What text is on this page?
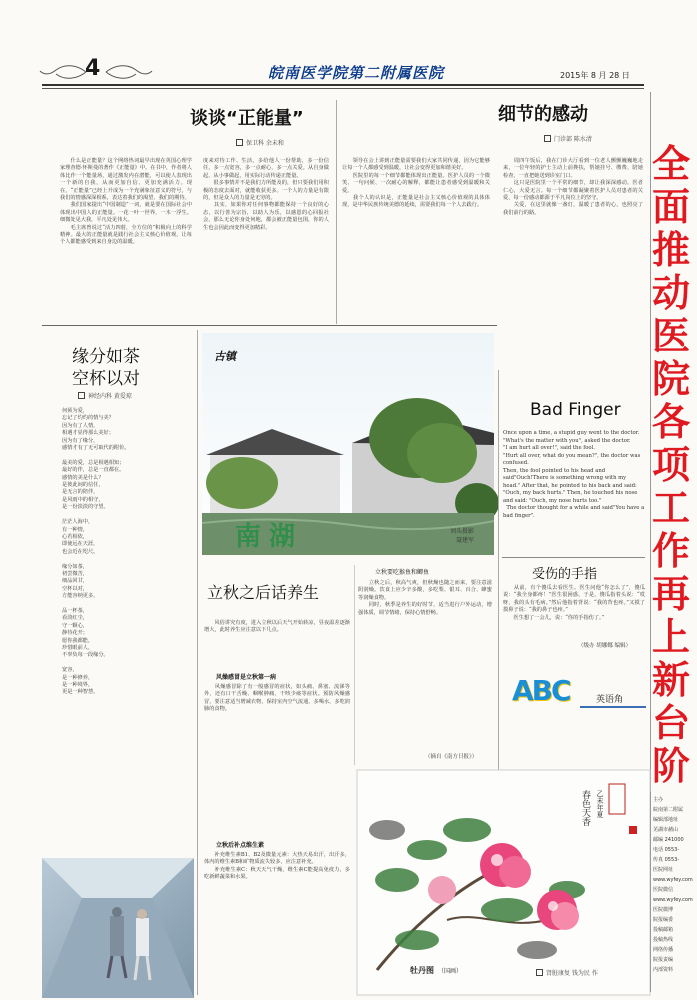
4	皖南医学院第二附属医院	2015年 8 月 28 日
全面推动医院各项工作再上新台阶
谈谈“正能量”
保卫科 余未和
　　什么是正能量？这个网络热词最早出现在英国心理学家理查德·怀斯曼的著作《正能量》中。在书中，作者将人体比作一个能量场，通过激发内在潜能，可以使人表现出一个新的自我，从而更加自信、更加充满活力。现在，“正能量”已经上升成为一个充满象征意义的符号，与我们的情感深深相系，表达着我们的渴望、我们的期待。
　　我们国家提出“中国制造”一词，就是要在国际社会中体现出中国人的正能量。一花一叶一世界，一木一浮生。细微处见大我，平凡处见伟大。
　　毛主席曾说过“活力四射，全方位的”积极向上的科学精神。最大的正能量就是践行社会主义核心价值观，让每个人都能感受到来自身边的温暖。
度来对待工作、生活，多给他人一份帮助，多一份信任，多一点宽容，多一点耐心，多一点关爱。从自身做起，从小事做起，用实际行动传递正能量。
　　很多事情并不是我们力所能及的，但只要我们用积极的态度去面对，就能收获更多。一个人的力量是有限的，但是众人的力量是无穷的。
　　其实，如果你对任何事物都能保持一个良好的心态，以行善为宗旨，以助人为乐，以感恩的心回报社会，那么无论你身处何地，都会被正能量包围，你的人生也会因此而变得更加精彩。
细节的感动
门诊部 陈水清
　　领导在会上讲到正能量需要我们大家共同传递，因为它能够让每一个人都感受到温暖，让社会变得更加和谐美好。
　　医院里的每一个细节都能体现出正能量。医护人员的一个微笑、一句问候、一次耐心的解释，都能让患者感受到温暖和关爱。
　　我个人的认识是，正能量是社会主义核心价值观的具体体现，是中华民族传统美德的延续，需要我们每一个人去践行。
　　周四午饭后，我在门诊大厅看到一位老人颤颤巍巍地走来，一位年轻的护士主动上前搀扶，帮她挂号、缴费、陪她检查，一直把她送到诊室门口。
　　这只是医院里一个平常的细节，却让我深深感动。医者仁心，大爱无言。每一个细节都凝聚着医护人员对患者的关爱，每一份感动都源于平凡岗位上的坚守。
　　关爱，在这里就像一盏灯，温暖了患者的心，也照亮了我们前行的路。
缘分如茶
空杯以对
神经内科 黄爱琼
何须为爱，
忘记了灼灼的情与美？
因为有了人情，
相遇才显得那么美好；
因为有了缘分，
感情才有了无可取代的附价。

最美的爱，总是相遇相知；
最好的伴，总是一直都在。
感情的美是什么？
是彼此间的信任，
是无言的陪伴，
是风雨中的相守，
是一份淡淡的守望。

茫茫人海中，
有一种情，
心若相依，
即使远在天涯，
也会近在咫尺。

缘分如茶，
初尝微苦，
细品回甘，
空杯以对，
方能容纳更多。

品一杯茶，
看淡红尘，
守一颗心，
静待花开；
愿你我都能，
珍惜眼前人，
不辜负每一段缘分。

宽容，
是一种修养，
是一种境界，
更是一种智慧。
古镇
南湖	刘头摄影
聂建军
立秋之后话养生
　　风俗讲究有度，进入立秋以后天气开始转凉，昼夜温差逐渐增大，此时养生应注意以下几点。
风燥感冒是立秋第一病
　　风燥感冒除了有一般感冒的症状，如头痛、鼻塞、流涕等外，还有口干舌燥、咽喉肿痛、干咳少痰等症状。预防风燥感冒，要注意适当增减衣物，保持室内空气流通，多喝水，多吃润肺的食物。
立秋后补点维生素
　　补充维生素B1、B2及微量元素：大热天易出汗，出汗多，体内的维生素B和矿物质流失较多，应注意补充。
　　补充维生素C：秋天天气干燥，维生素C能提高免疫力，多吃新鲜蔬菜和水果。
立秋要吃猴鱼和鲫鱼
　　立秋之后，秋高气爽，但秋燥也随之而来，要注意滋阴润燥。饮食上应少辛多酸，多吃梨、银耳、百合、蜂蜜等润燥食物。
　　同时，秋季是养生的好时节，适当进行户外运动，增强体质，调节情绪，保持心情舒畅。
（摘自《南方日报》）
春色天香 乙未年夏
牡丹图 （国画）	肾脏康复 钱为民 作
Bad Finger
Once upon a time, a stupid guy went to the doctor.
"What's the matter with you", asked the doctor.
"I am hurt all over!", said the fool.
"Hurt all over, what do you mean?", the doctor was confused.
Then, the fool pointed to his head and said"Ouch!There is something wrong with my head." After that, he pointed to his back and said: "Ouch, my back hurts." Then, he touched his nose and said: "Ouch, my nose hurts too."
The doctor thought for a while and said"You have a bad finger".
受伤的手指
　　从前，有个傻瓜去看医生。医生问他“你怎么了”，傻瓜说：“我全身都疼！”医生很困惑。于是，傻瓜指着头说：“哎呀，我的头有毛病。”然后他指着背说：“我的背也疼。”又摸了摸鼻子说：“我的鼻子也疼。”
　　医生想了一会儿，说：“你的手指伤了。”
（级办 胡娜娜 编辑）
ABC	英语角
主办
皖南第二附属
编辑部地址
芜湖市赭山
邮编 241000
电话 0553-
传真 0553-
医院网址
www.wyfey.com
医院微信
www.wyfey.com
医院微博
院报编委
投稿邮箱
投稿热线
网络传播
院报责编
内部资料
